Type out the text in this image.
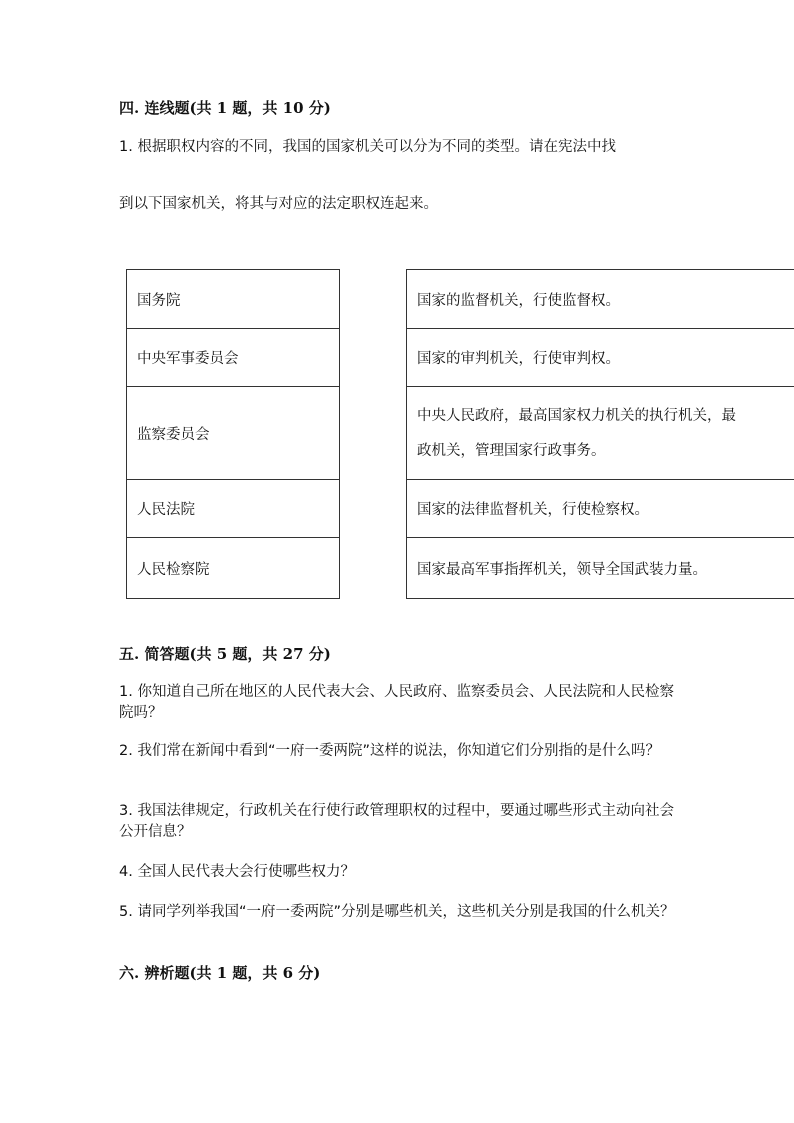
四. 连线题(共 1 题，共 10 分)
1. 根据职权内容的不同，我国的国家机关可以分为不同的类型。请在宪法中找
到以下国家机关，将其与对应的法定职权连起来。
国务院
中央军事委员会
监察委员会
人民法院
人民检察院
国家的监督机关，行使监督权。
国家的审判机关，行使审判权。
中央人民政府，最高国家权力机关的执行机关，最
政机关，管理国家行政事务。
国家的法律监督机关，行使检察权。
国家最高军事指挥机关，领导全国武装力量。
五. 简答题(共 5 题，共 27 分)
1. 你知道自己所在地区的人民代表大会、人民政府、监察委员会、人民法院和人民检察院吗？
2. 我们常在新闻中看到“一府一委两院”这样的说法，你知道它们分别指的是什么吗？
3. 我国法律规定，行政机关在行使行政管理职权的过程中，要通过哪些形式主动向社会公开信息？
4. 全国人民代表大会行使哪些权力？
5. 请同学列举我国“一府一委两院”分别是哪些机关，这些机关分别是我国的什么机关？
六. 辨析题(共 1 题，共 6 分)
